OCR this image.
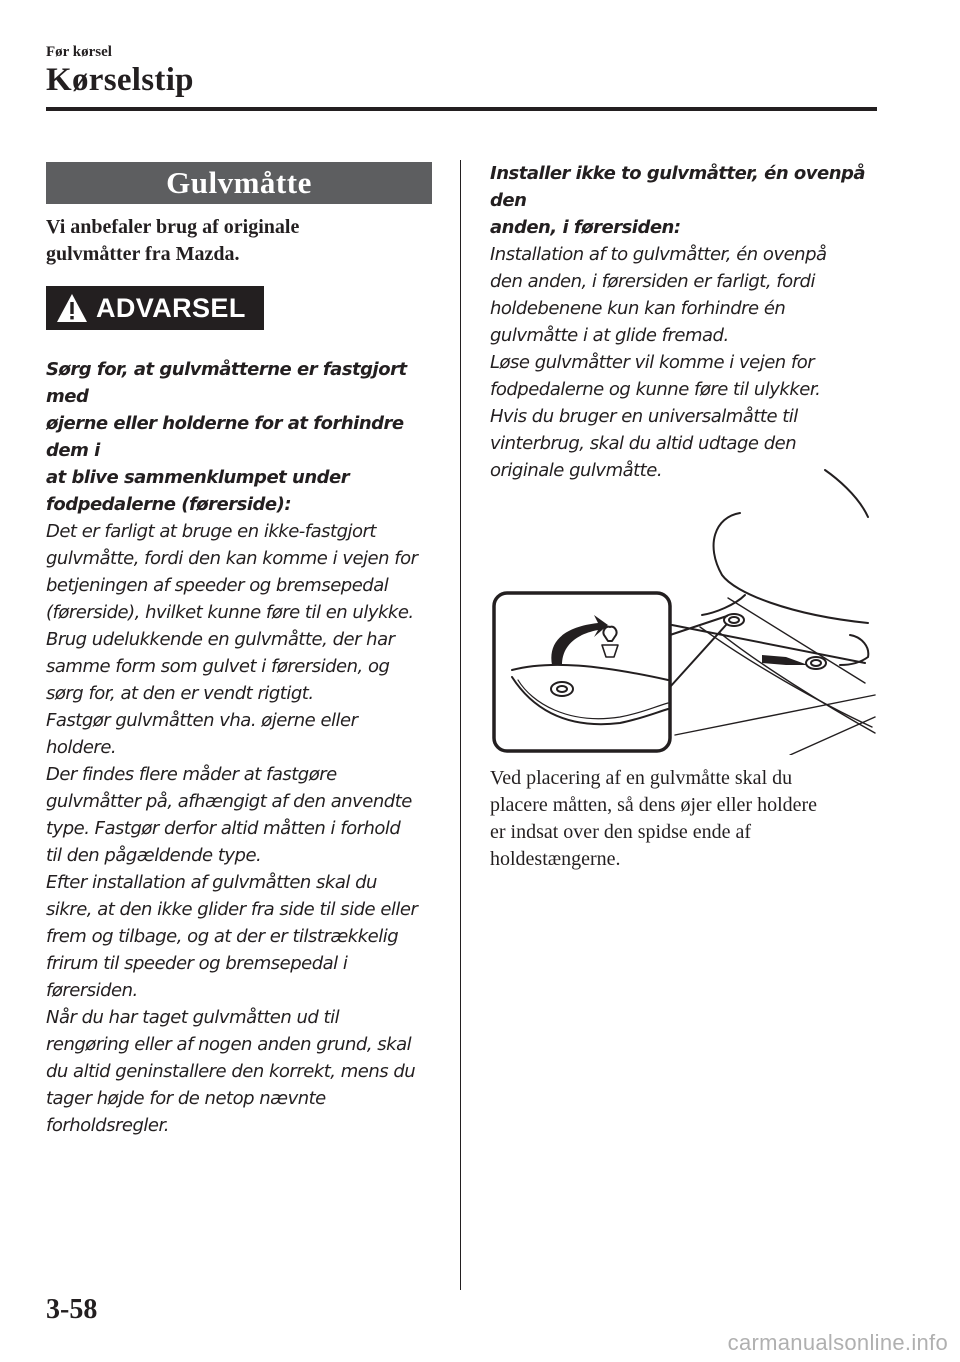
Før kørsel
Kørselstip
Gulvmåtte
Vi anbefaler brug af originale
gulvmåtter fra Mazda.
ADVARSEL

Sørg for, at gulvmåtterne er fastgjort med

øjerne eller holderne for at forhindre dem i

at blive sammenklumpet under

fodpedalerne (førerside):

Det er farligt at bruge en ikke-fastgjort

gulvmåtte, fordi den kan komme i vejen for

betjeningen af speeder og bremsepedal

(førerside), hvilket kunne føre til en ulykke.

Brug udelukkende en gulvmåtte, der har

samme form som gulvet i førersiden, og

sørg for, at den er vendt rigtigt.

Fastgør gulvmåtten vha. øjerne eller

holdere.

Der findes flere måder at fastgøre

gulvmåtter på, afhængigt af den anvendte

type. Fastgør derfor altid måtten i forhold

til den pågældende type.

Efter installation af gulvmåtten skal du

sikre, at den ikke glider fra side til side eller

frem og tilbage, og at der er tilstrækkelig

frirum til speeder og bremsepedal i

førersiden.

Når du har taget gulvmåtten ud til

rengøring eller af nogen anden grund, skal

du altid geninstallere den korrekt, mens du

tager højde for de netop nævnte

forholdsregler.

Installer ikke to gulvmåtter, én ovenpå den

anden, i førersiden:

Installation af to gulvmåtter, én ovenpå

den anden, i førersiden er farligt, fordi

holdebenene kun kan forhindre én

gulvmåtte i at glide fremad.

Løse gulvmåtter vil komme i vejen for

fodpedalerne og kunne føre til ulykker.

Hvis du bruger en universalmåtte til

vinterbrug, skal du altid udtage den

originale gulvmåtte.

Ved placering af en gulvmåtte skal du

placere måtten, så dens øjer eller holdere

er indsat over den spidse ende af

holdestængerne.

3-58
carmanualsonline.info
